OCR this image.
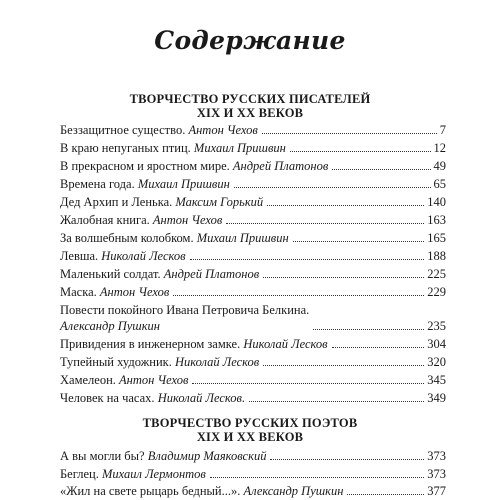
Содержание
ТВОРЧЕСТВО РУССКИХ ПИСАТЕЛЕЙ
XIX И XX ВЕКОВ
Беззащитное существо. Антон Чехов	7
В краю непуганых птиц. Михаил Пришвин	12
В прекрасном и яростном мире. Андрей Платонов	49
Времена года. Михаил Пришвин	65
Дед Архип и Ленька. Максим Горький	140
Жалобная книга. Антон Чехов	163
За волшебным колобком. Михаил Пришвин	165
Левша. Николай Лесков	188
Маленький солдат. Андрей Платонов	225
Маска. Антон Чехов	229
Повести покойного Ивана Петровича Белкина.
Александр Пушкин	235
Привидения в инженерном замке. Николай Лесков	304
Тупейный художник. Николай Лесков	320
Хамелеон. Антон Чехов	345
Человек на часах. Николай Лесков.	349
ТВОРЧЕСТВО РУССКИХ ПОЭТОВ
XIX И XX ВЕКОВ
А вы могли бы? Владимир Маяковский	373
Беглец. Михаил Лермонтов	373
«Жил на свете рыцарь бедный...». Александр Пушкин	377
